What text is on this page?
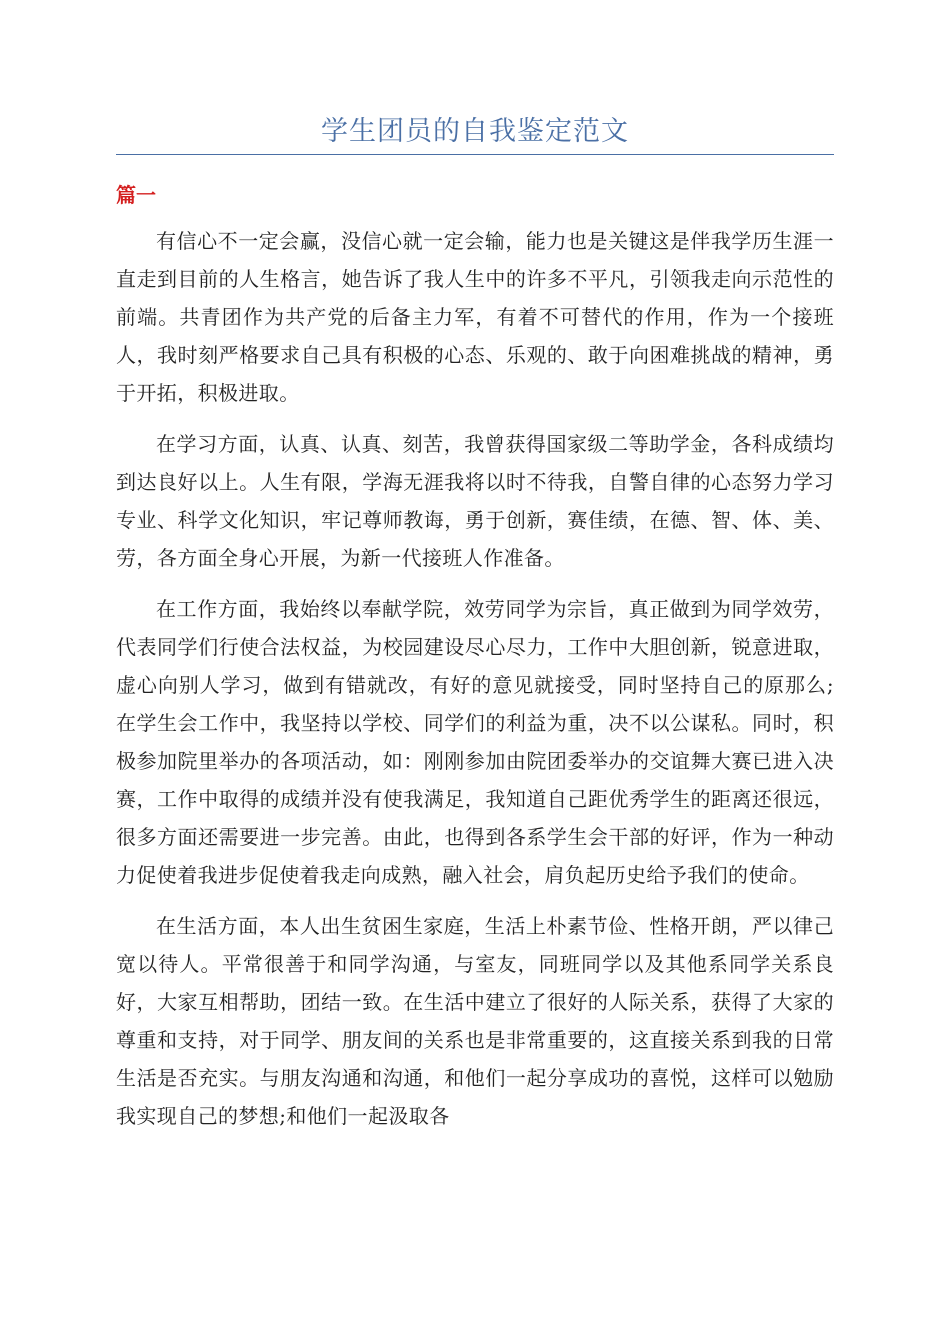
学生团员的自我鉴定范文
篇一

有信心不一定会赢，没信心就一定会输，能力也是关键这是伴我学历生涯一直走到目前的人生格言，她告诉了我人生中的许多不平凡，引领我走向示范性的前端。共青团作为共产党的后备主力军，有着不可替代的作用，作为一个接班人，我时刻严格要求自己具有积极的心态、乐观的、敢于向困难挑战的精神，勇于开拓，积极进取。

在学习方面，认真、认真、刻苦，我曾获得国家级二等助学金，各科成绩均到达良好以上。人生有限，学海无涯我将以时不待我，自警自律的心态努力学习专业、科学文化知识，牢记尊师教诲，勇于创新，赛佳绩，在德、智、体、美、劳，各方面全身心开展，为新一代接班人作准备。

在工作方面，我始终以奉献学院，效劳同学为宗旨，真正做到为同学效劳，代表同学们行使合法权益，为校园建设尽心尽力，工作中大胆创新，锐意进取，虚心向别人学习，做到有错就改，有好的意见就接受，同时坚持自己的原那么;在学生会工作中，我坚持以学校、同学们的利益为重，决不以公谋私。同时，积极参加院里举办的各项活动，如：刚刚参加由院团委举办的交谊舞大赛已进入决赛，工作中取得的成绩并没有使我满足，我知道自己距优秀学生的距离还很远，很多方面还需要进一步完善。由此，也得到各系学生会干部的好评，作为一种动力促使着我进步促使着我走向成熟，融入社会，肩负起历史给予我们的使命。

在生活方面，本人出生贫困生家庭，生活上朴素节俭、性格开朗，严以律己宽以待人。平常很善于和同学沟通，与室友，同班同学以及其他系同学关系良好，大家互相帮助，团结一致。在生活中建立了很好的人际关系，获得了大家的尊重和支持，对于同学、朋友间的关系也是非常重要的，这直接关系到我的日常生活是否充实。与朋友沟通和沟通，和他们一起分享成功的喜悦，这样可以勉励我实现自己的梦想;和他们一起汲取各
